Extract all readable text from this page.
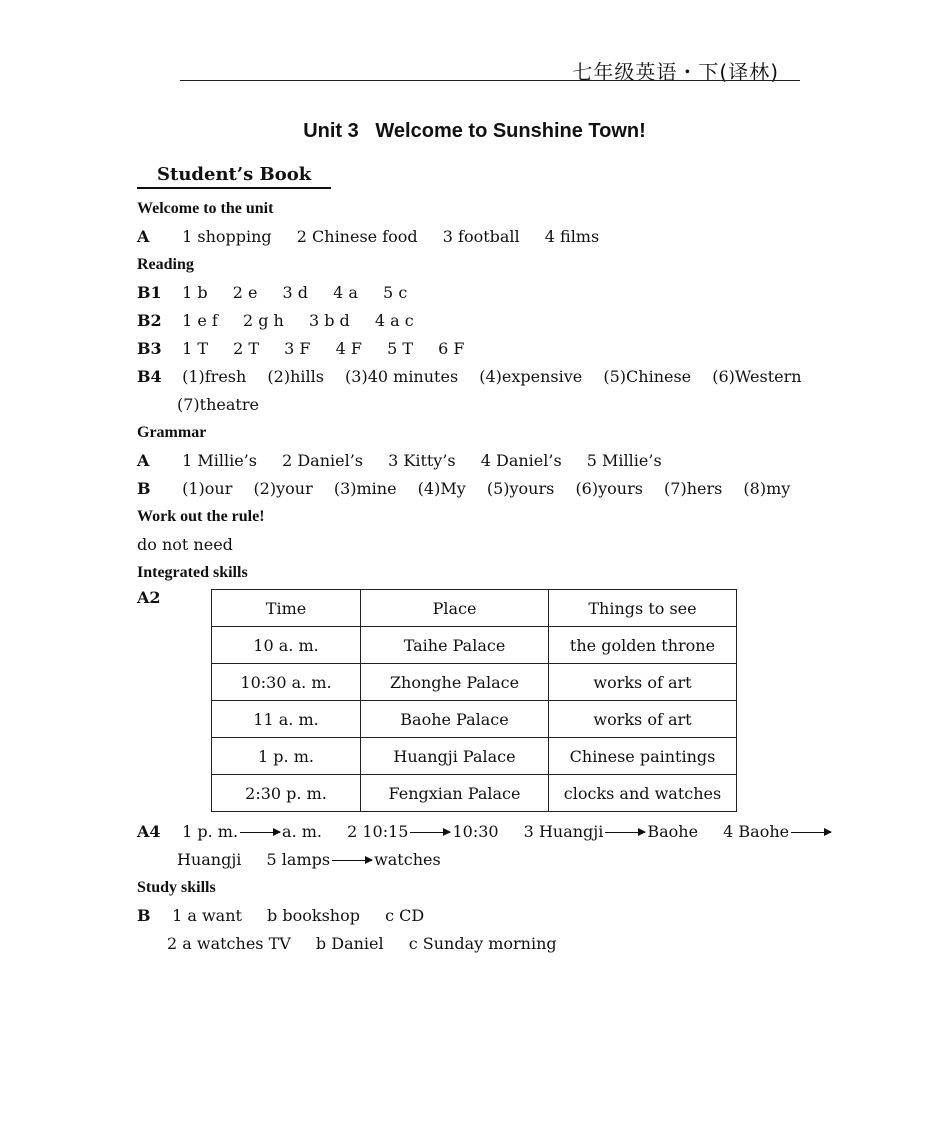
七年级英语・下(译林)
Unit 3   Welcome to Sunshine Town!
Student’s Book
Welcome to the unit
A 1 shopping 2 Chinese food 3 football 4 films
Reading
B1 1 b 2 e 3 d 4 a 5 c
B2 1 e f 2 g h 3 b d 4 a c
B3 1 T 2 T 3 F 4 F 5 T 6 F
B4 (1)fresh (2)hills (3)40 minutes (4)expensive (5)Chinese (6)Western
(7)theatre
Grammar
A 1 Millie’s 2 Daniel’s 3 Kitty’s 4 Daniel’s 5 Millie’s
B (1)our (2)your (3)mine (4)My (5)yours (6)yours (7)hers (8)my
Work out the rule!
do not need
Integrated skills
A2
Time	Place	Things to see
10 a. m.	Taihe Palace	the golden throne
10:30 a. m.	Zhonghe Palace	works of art
11 a. m.	Baohe Palace	works of art
1 p. m.	Huangji Palace	Chinese paintings
2:30 p. m.	Fengxian Palace	clocks and watches
A4 1 p. m.	a. m. 2 10:15	10:30 3 Huangji	Baohe 4 Baohe
Huangji 5 lamps	watches
Study skills
B 1 a want b bookshop c CD
2 a watches TV b Daniel c Sunday morning
